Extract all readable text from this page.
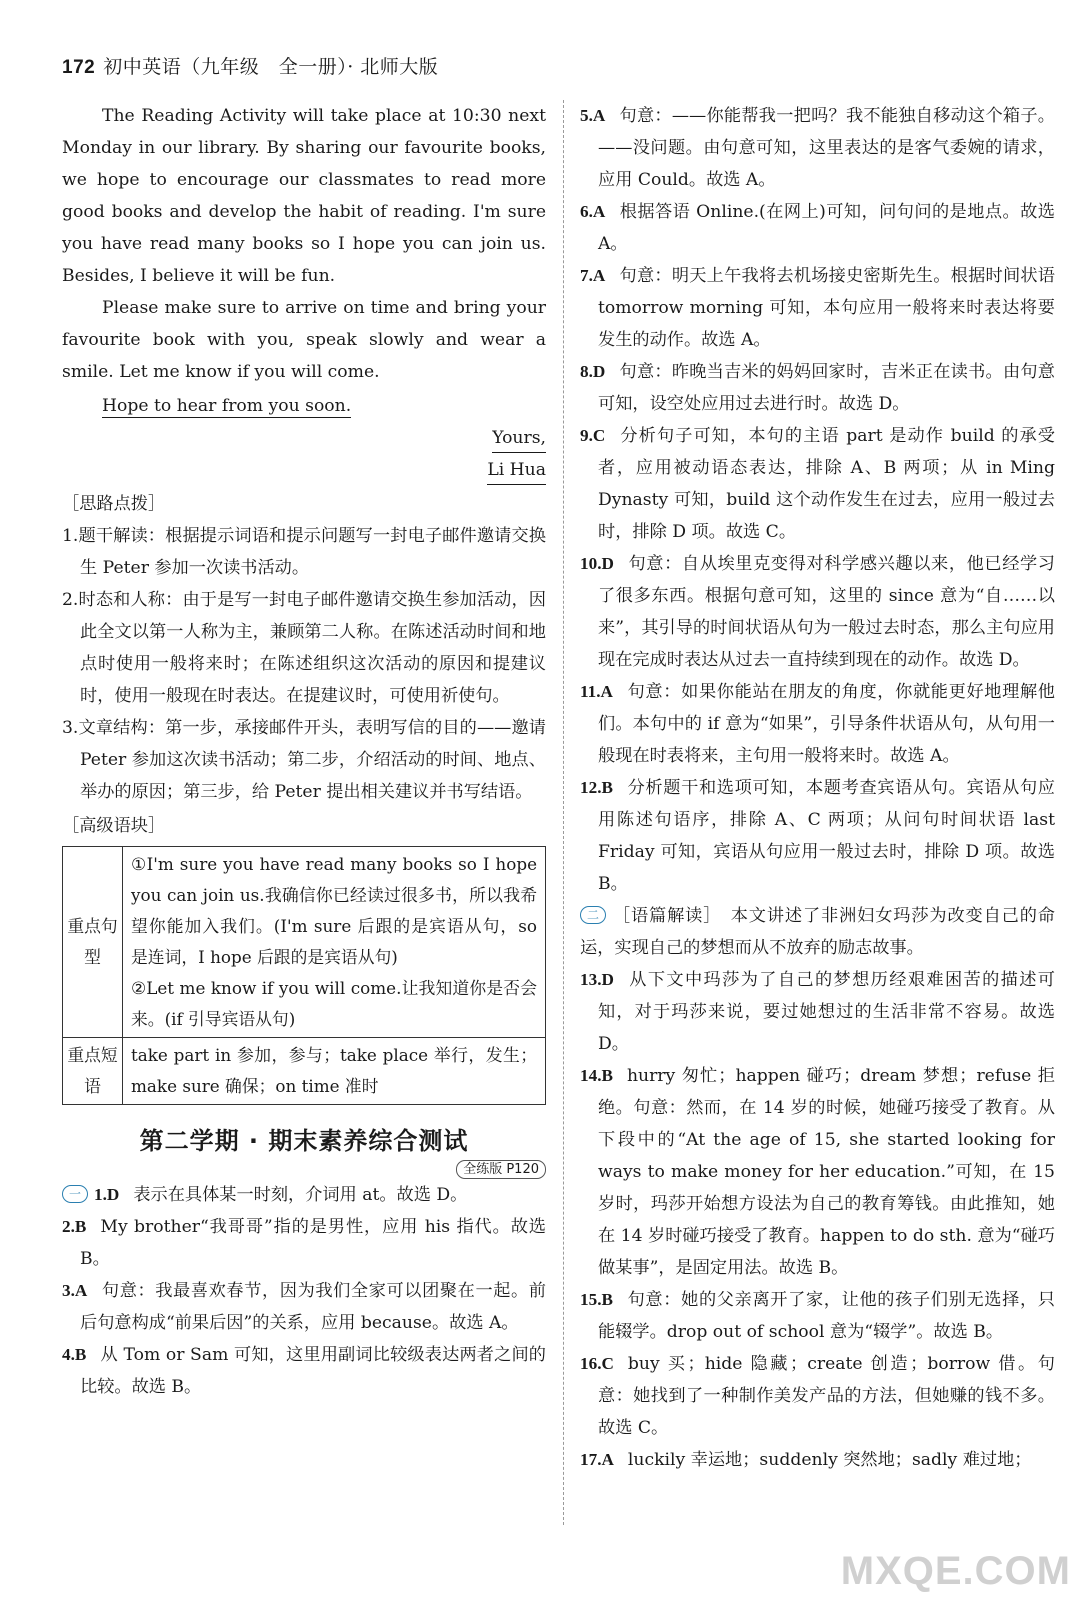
172 初中英语（九年级　全一册）· 北师大版

The Reading Activity will take place at 10:30 next Monday in our library. By sharing our favourite books, we hope to encourage our classmates to read more good books and develop the habit of reading. I'm sure you have read many books so I hope you can join us. Besides, I believe it will be fun.

Please make sure to arrive on time and bring your favourite book with you, speak slowly and wear a smile. Let me know if you will come.

Hope to hear from you soon.

Yours,
Li Hua

［思路点拨］

1.题干解读：根据提示词语和提示问题写一封电子邮件邀请交换生 Peter 参加一次读书活动。

2.时态和人称：由于是写一封电子邮件邀请交换生参加活动，因此全文以第一人称为主，兼顾第二人称。在陈述活动时间和地点时使用一般将来时；在陈述组织这次活动的原因和提建议时，使用一般现在时表达。在提建议时，可使用祈使句。

3.文章结构：第一步，承接邮件开头，表明写信的目的——邀请 Peter 参加这次读书活动；第二步，介绍活动的时间、地点、举办的原因；第三步，给 Peter 提出相关建议并书写结语。

［高级语块］

重点句型	①I'm sure you have read many books so I hope you can join us.我确信你已经读过很多书，所以我希望你能加入我们。(I'm sure 后跟的是宾语从句，so 是连词，I hope 后跟的是宾语从句)
②Let me know if you will come.让我知道你是否会来。(if 引导宾语从句)

重点短语	take part in 参加，参与；take place 举行，发生；make sure 确保；on time 准时
第二学期 · 期末素养综合测试
全练版 P120

一 1.D 表示在具体某一时刻，介词用 at。故选 D。

2.B My brother“我哥哥”指的是男性，应用 his 指代。故选 B。

3.A 句意：我最喜欢春节，因为我们全家可以团聚在一起。前后句意构成“前果后因”的关系，应用 because。故选 A。

4.B 从 Tom or Sam 可知，这里用副词比较级表达两者之间的比较。故选 B。

5.A 句意：——你能帮我一把吗？我不能独自移动这个箱子。——没问题。由句意可知，这里表达的是客气委婉的请求，应用 Could。故选 A。

6.A 根据答语 Online.(在网上)可知，问句问的是地点。故选 A。

7.A 句意：明天上午我将去机场接史密斯先生。根据时间状语 tomorrow morning 可知，本句应用一般将来时表达将要发生的动作。故选 A。

8.D 句意：昨晚当吉米的妈妈回家时，吉米正在读书。由句意可知，设空处应用过去进行时。故选 D。

9.C 分析句子可知，本句的主语 part 是动作 build 的承受者，应用被动语态表达，排除 A、B 两项；从 in Ming Dynasty 可知，build 这个动作发生在过去，应用一般过去时，排除 D 项。故选 C。

10.D 句意：自从埃里克变得对科学感兴趣以来，他已经学习了很多东西。根据句意可知，这里的 since 意为“自……以来”，其引导的时间状语从句为一般过去时态，那么主句应用现在完成时表达从过去一直持续到现在的动作。故选 D。

11.A 句意：如果你能站在朋友的角度，你就能更好地理解他们。本句中的 if 意为“如果”，引导条件状语从句，从句用一般现在时表将来，主句用一般将来时。故选 A。

12.B 分析题干和选项可知，本题考查宾语从句。宾语从句应用陈述句语序，排除 A、C 两项；从问句时间状语 last Friday 可知，宾语从句应用一般过去时，排除 D 项。故选 B。

二 ［语篇解读］　本文讲述了非洲妇女玛莎为改变自己的命运，实现自己的梦想而从不放弃的励志故事。

13.D 从下文中玛莎为了自己的梦想历经艰难困苦的描述可知，对于玛莎来说，要过她想过的生活非常不容易。故选 D。

14.B hurry 匆忙；happen 碰巧；dream 梦想；refuse 拒绝。句意：然而，在 14 岁的时候，她碰巧接受了教育。从下段中的“At the age of 15, she started looking for ways to make money for her education.”可知，在 15 岁时，玛莎开始想方设法为自己的教育筹钱。由此推知，她在 14 岁时碰巧接受了教育。happen to do sth. 意为“碰巧做某事”，是固定用法。故选 B。

15.B 句意：她的父亲离开了家，让他的孩子们别无选择，只能辍学。drop out of school 意为“辍学”。故选 B。

16.C buy 买；hide 隐藏；create 创造；borrow 借。句意：她找到了一种制作美发产品的方法，但她赚的钱不多。故选 C。

17.A luckily 幸运地；suddenly 突然地；sadly 难过地；

MXQE.COM
